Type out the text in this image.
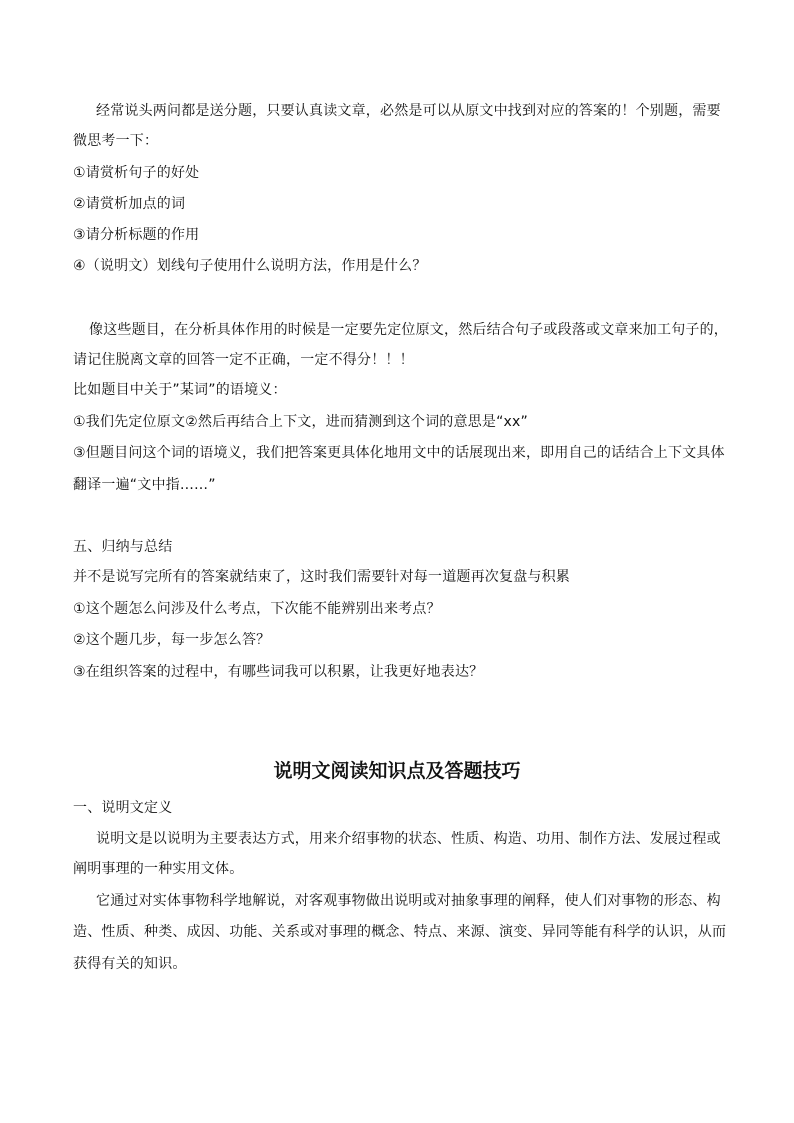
经常说头两问都是送分题，只要认真读文章，必然是可以从原文中找到对应的答案的！个别题，需要
微思考一下：
①请赏析句子的好处
②请赏析加点的词
③请分析标题的作用
④（说明文）划线句子使用什么说明方法，作用是什么？
像这些题目，在分析具体作用的时候是一定要先定位原文，然后结合句子或段落或文章来加工句子的，
请记住脱离文章的回答一定不正确，一定不得分！！！
比如题目中关于”某词”的语境义：
①我们先定位原文②然后再结合上下文，进而猜测到这个词的意思是“xx”
③但题目问这个词的语境义，我们把答案更具体化地用文中的话展现出来，即用自己的话结合上下文具体
翻译一遍“文中指……”
五、归纳与总结
并不是说写完所有的答案就结束了，这时我们需要针对每一道题再次复盘与积累
①这个题怎么问涉及什么考点，下次能不能辨别出来考点？
②这个题几步，每一步怎么答？
③在组织答案的过程中，有哪些词我可以积累，让我更好地表达？
说明文阅读知识点及答题技巧
一、说明文定义
说明文是以说明为主要表达方式，用来介绍事物的状态、性质、构造、功用、制作方法、发展过程或
阐明事理的一种实用文体。
它通过对实体事物科学地解说，对客观事物做出说明或对抽象事理的阐释，使人们对事物的形态、构
造、性质、种类、成因、功能、关系或对事理的概念、特点、来源、演变、异同等能有科学的认识，从而
获得有关的知识。
